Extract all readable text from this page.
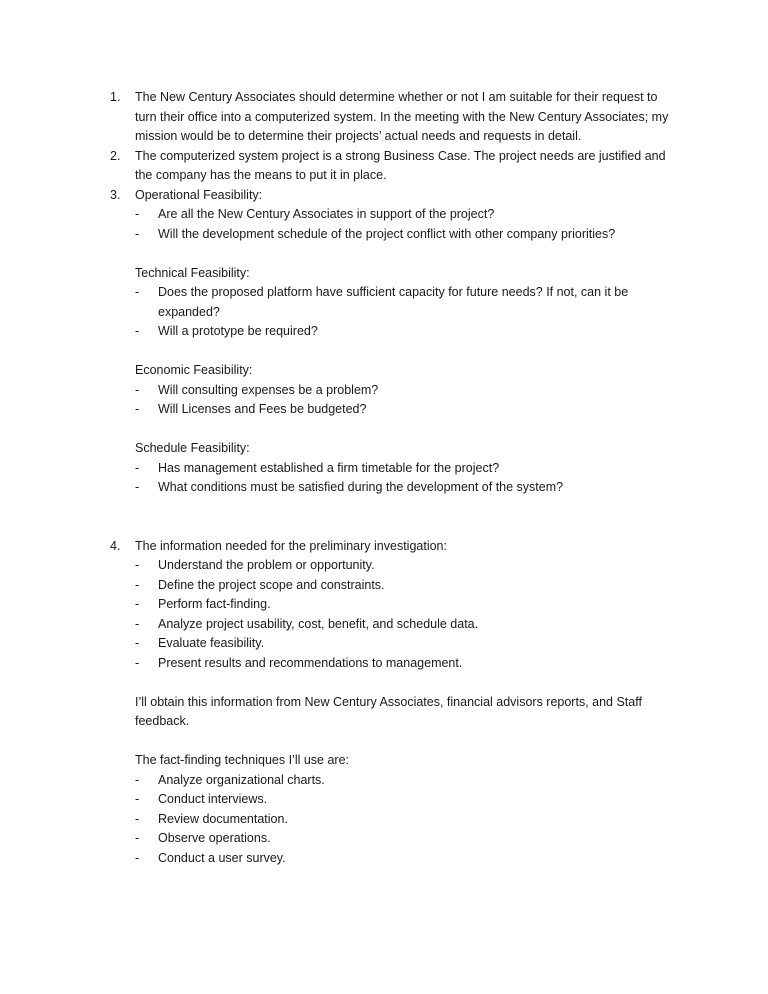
1.	The New Century Associates should determine whether or not I am suitable for their request to turn their office into a computerized system. In the meeting with the New Century Associates; my mission would be to determine their projects’ actual needs and requests in detail.

2.	The computerized system project is a strong Business Case. The project needs are justified and the company has the means to put it in place.

3.	Operational Feasibility:

- Are all the New Century Associates in support of the project?

- Will the development schedule of the project conflict with other company priorities?

Technical Feasibility:

- Does the proposed platform have sufficient capacity for future needs? If not, can it be expanded?

- Will a prototype be required?

Economic Feasibility:

- Will consulting expenses be a problem?

- Will Licenses and Fees be budgeted?

Schedule Feasibility:

- Has management established a firm timetable for the project?

- What conditions must be satisfied during the development of the system?

4.	The information needed for the preliminary investigation:

- Understand the problem or opportunity.

- Define the project scope and constraints.

- Perform fact-finding.

- Analyze project usability, cost, benefit, and schedule data.

- Evaluate feasibility.

- Present results and recommendations to management.

I’ll obtain this information from New Century Associates, financial advisors reports, and Staff feedback.

The fact-finding techniques I’ll use are:

- Analyze organizational charts.

- Conduct interviews.

- Review documentation.

- Observe operations.

- Conduct a user survey.
